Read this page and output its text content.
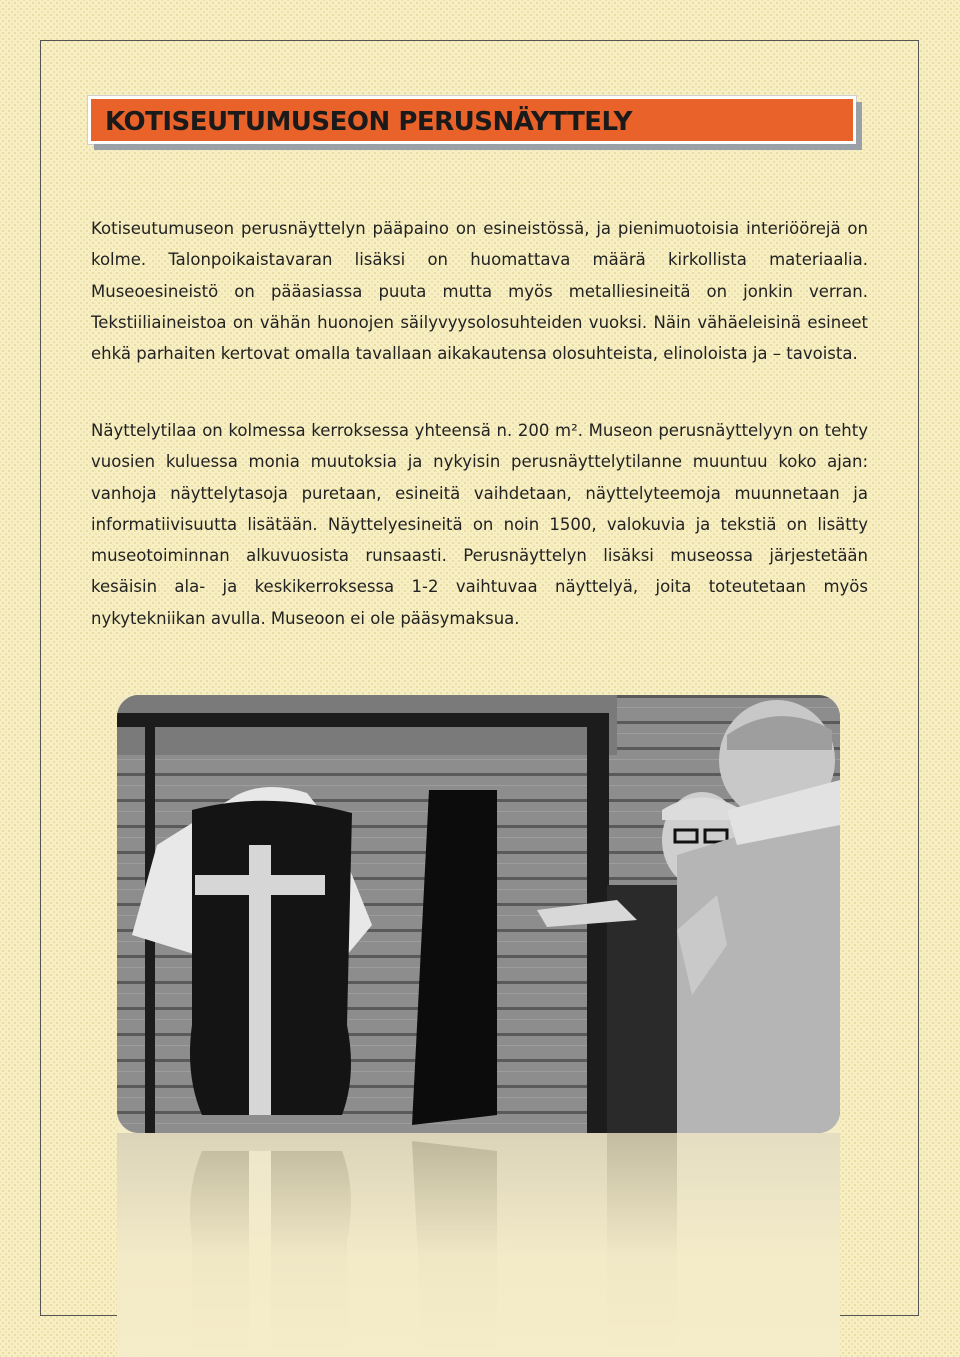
KOTISEUTUMUSEON PERUSNÄYTTELY

Kotiseutumuseon perusnäyttelyn pääpaino on esineistössä, ja pienimuotoisia interiöörejä on kolme. Talonpoikaistavaran lisäksi on huomattava määrä kirkollista materiaalia. Museoesineistö on pääasiassa puuta mutta myös metalliesineitä on jonkin verran. Tekstiiliaineistoa on vähän huonojen säilyvyysolosuhteiden vuoksi. Näin vähäeleisinä esineet ehkä parhaiten kertovat omalla tavallaan aikakautensa olosuhteista, elinoloista ja – tavoista.

Näyttelytilaa on kolmessa kerroksessa yhteensä n. 200 m². Museon perusnäyttelyyn on tehty vuosien kuluessa monia muutoksia ja nykyisin perusnäyttelytilanne muuntuu koko ajan: vanhoja näyttelytasoja puretaan, esineitä vaihdetaan, näyttelyteemoja muunnetaan ja informatiivisuutta lisätään. Näyttelyesineitä on noin 1500, valokuvia ja tekstiä on lisätty museotoiminnan alkuvuosista runsaasti. Perusnäyttelyn lisäksi museossa järjestetään kesäisin ala- ja keskikerroksessa 1-2 vaihtuvaa näyttelyä, joita toteutetaan myös nykytekniikan avulla. Museoon ei ole pääsymaksua.
